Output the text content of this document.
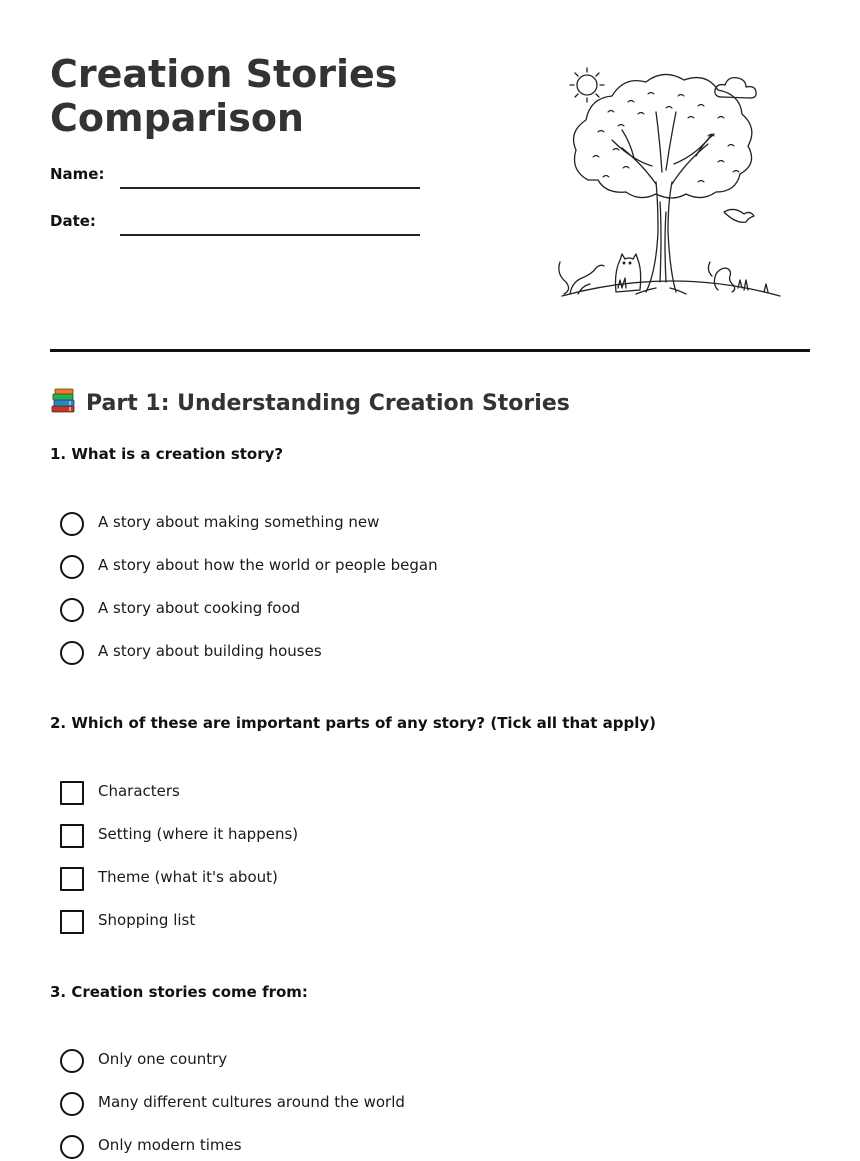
Creation Stories Comparison
Name:
Date:
Part 1: Understanding Creation Stories

1. What is a creation story?

A story about making something new
A story about how the world or people began
A story about cooking food
A story about building houses

2. Which of these are important parts of any story? (Tick all that apply)

Characters
Setting (where it happens)
Theme (what it's about)
Shopping list

3. Creation stories come from:

Only one country
Many different cultures around the world
Only modern times
